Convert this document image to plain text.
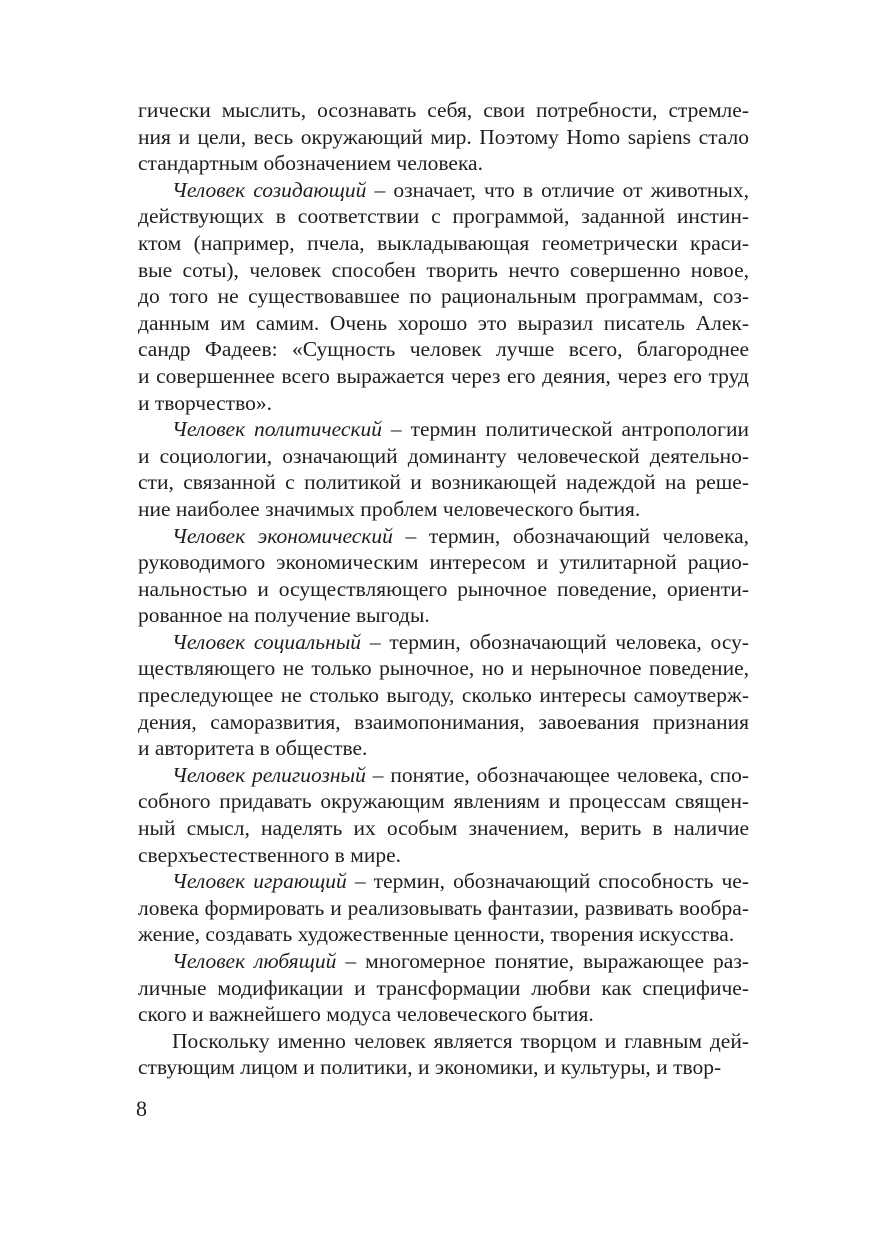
гически мыслить, осознавать себя, свои потребности, стремле-
ния и цели, весь окружающий мир. Поэтому Homo sapiens стало
стандартным обозначением человека.
Человек созидающий – означает, что в отличие от животных,
действующих в соответствии с программой, заданной инстин-
ктом (например, пчела, выкладывающая геометрически краси-
вые соты), человек способен творить нечто совершенно новое,
до того не существовавшее по рациональным программам, соз-
данным им самим. Очень хорошо это выразил писатель Алек-
сандр Фадеев: «Сущность человек лучше всего, благороднее
и совершеннее всего выражается через его деяния, через его труд
и творчество».
Человек политический – термин политической антропологии
и социологии, означающий доминанту человеческой деятельно-
сти, связанной с политикой и возникающей надеждой на реше-
ние наиболее значимых проблем человеческого бытия.
Человек экономический – термин, обозначающий человека,
руководимого экономическим интересом и утилитарной рацио-
нальностью и осуществляющего рыночное поведение, ориенти-
рованное на получение выгоды.
Человек социальный – термин, обозначающий человека, осу-
ществляющего не только рыночное, но и нерыночное поведение,
преследующее не столько выгоду, сколько интересы самоутверж-
дения, саморазвития, взаимопонимания, завоевания признания
и авторитета в обществе.
Человек религиозный – понятие, обозначающее человека, спо-
собного придавать окружающим явлениям и процессам священ-
ный смысл, наделять их особым значением, верить в наличие
сверхъестественного в мире.
Человек играющий – термин, обозначающий способность че-
ловека формировать и реализовывать фантазии, развивать вообра-
жение, создавать художественные ценности, творения искусства.
Человек любящий – многомерное понятие, выражающее раз-
личные модификации и трансформации любви как специфиче-
ского и важнейшего модуса человеческого бытия.
Поскольку именно человек является творцом и главным дей-
ствующим лицом и политики, и экономики, и культуры, и твор-
8
